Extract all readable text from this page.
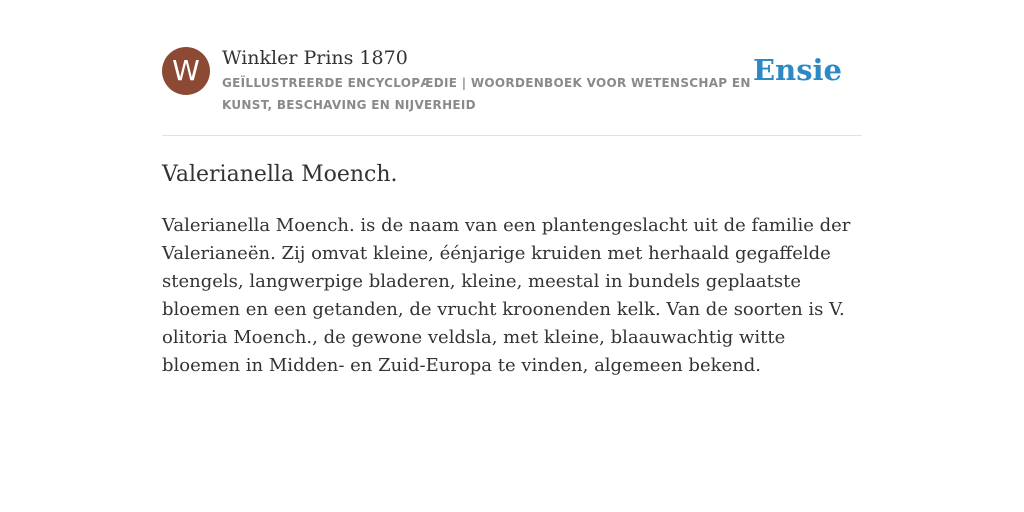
W	Winkler Prins 1870

GEÏLLUSTREERDE ENCYCLOPÆDIE | WOORDENBOEK VOOR WETENSCHAP EN KUNST, BESCHAVING EN NIJVERHEID

Ensie
Valerianella Moench.

Valerianella Moench. is de naam van een plantengeslacht uit de familie der Valerianeën. Zij omvat kleine, éénjarige kruiden met herhaald gegaffelde stengels, langwerpige bladeren, kleine, meestal in bundels geplaatste bloemen en een getanden, de vrucht kroonenden kelk. Van de soorten is V. olitoria Moench., de gewone veldsla, met kleine, blaauwachtig witte bloemen in Midden- en Zuid-Europa te vinden, algemeen bekend.
